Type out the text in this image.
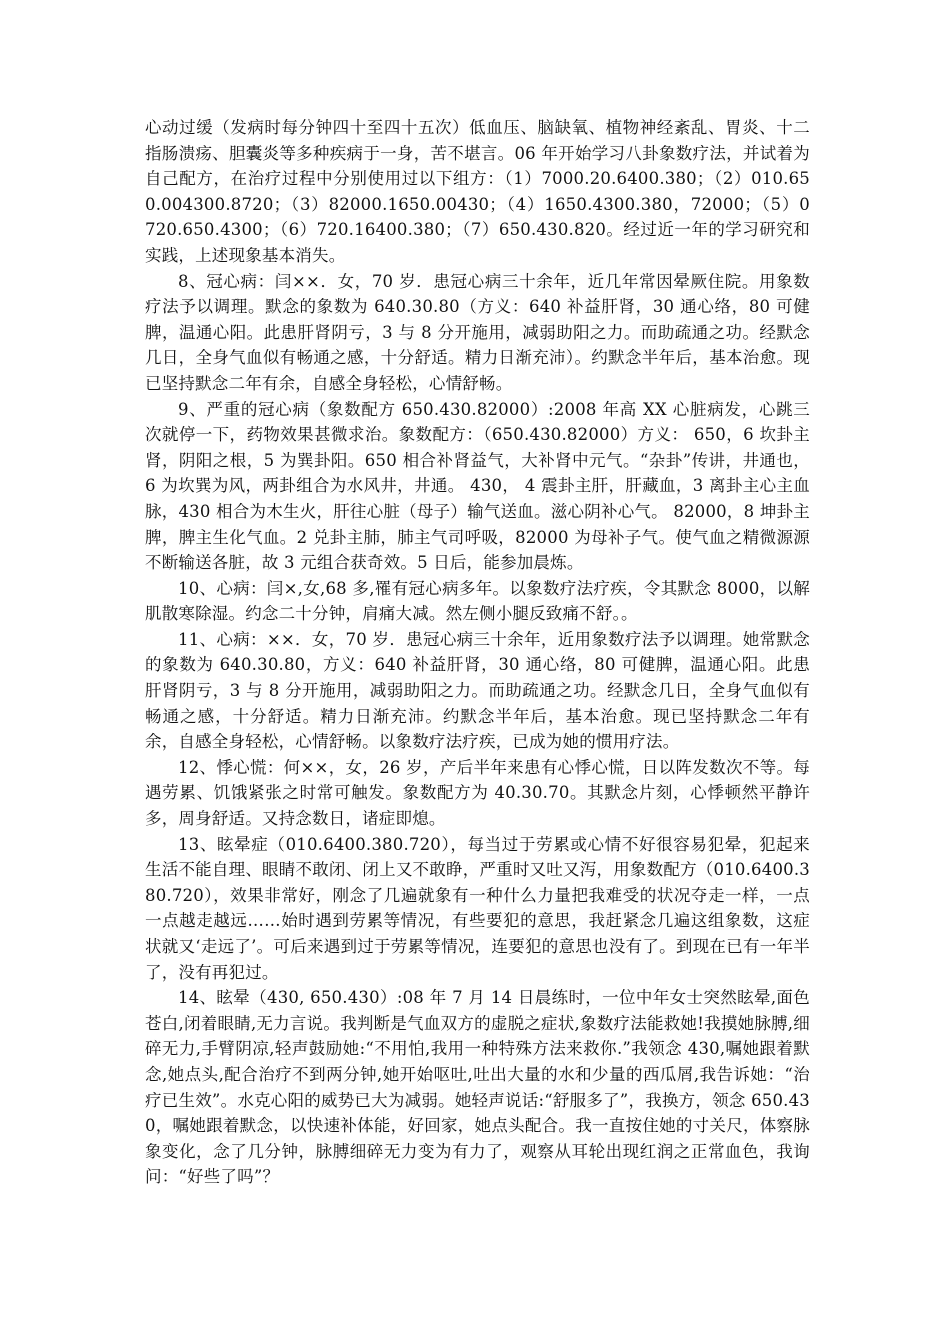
心动过缓（发病时每分钟四十至四十五次）低血压、脑缺氧、植物神经紊乱、胃炎、十二指肠溃疡、胆囊炎等多种疾病于一身，苦不堪言。06 年开始学习八卦象数疗法，并试着为自己配方，在治疗过程中分别使用过以下组方：（1）7000.20.6400.380；（2）010.650.004300.8720；（3）82000.1650.00430；（4）1650.4300.380，72000；（5）0720.650.4300；（6）720.16400.380；（7）650.430.820。经过近一年的学习研究和实践，上述现象基本消失。

8、冠心病：闫××．女，70 岁．患冠心病三十余年，近几年常因晕厥住院。用象数疗法予以调理。默念的象数为 640.30.80（方义：640 补益肝肾，30 通心络，80 可健脾，温通心阳。此患肝肾阴亏，3 与 8 分开施用，减弱助阳之力。而助疏通之功。经默念几日，全身气血似有畅通之感，十分舒适。精力日渐充沛）。约默念半年后，基本治愈。现已坚持默念二年有余，自感全身轻松，心情舒畅。

9、严重的冠心病（象数配方 650.430.82000）:2008 年高 XX 心脏病发，心跳三次就停一下，药物效果甚微求治。象数配方：（650.430.82000）方义： 650，6 坎卦主肾，阴阳之根，5 为巽卦阳。650 相合补肾益气，大补肾中元气。“杂卦”传讲，井通也，6 为坎巽为风，两卦组合为水风井，井通。 430， 4 震卦主肝，肝藏血，3 离卦主心主血脉，430 相合为木生火，肝往心脏（母子）输气送血。滋心阴补心气。 82000，8 坤卦主脾，脾主生化气血。2 兑卦主肺，肺主气司呼吸，82000 为母补子气。使气血之精微源源不断输送各脏，故 3 元组合获奇效。5 日后，能参加晨炼。

10、心病：闫×,女,68 多,罹有冠心病多年。以象数疗法疗疾，令其默念 8000，以解肌散寒除湿。约念二十分钟，肩痛大减。然左侧小腿反致痛不舒。。

11、心病：××．女，70 岁．患冠心病三十余年，近用象数疗法予以调理。她常默念的象数为 640.30.80，方义：640 补益肝肾，30 通心络，80 可健脾，温通心阳。此患肝肾阴亏，3 与 8 分开施用，减弱助阳之力。而助疏通之功。经默念几日，全身气血似有畅通之感，十分舒适。精力日渐充沛。约默念半年后，基本治愈。现已坚持默念二年有余，自感全身轻松，心情舒畅。以象数疗法疗疾，已成为她的惯用疗法。

12、悸心慌：何××，女，26 岁，产后半年来患有心悸心慌，日以阵发数次不等。每遇劳累、饥饿紧张之时常可触发。象数配方为 40.30.70。其默念片刻，心悸顿然平静许多，周身舒适。又持念数日，诸症即熄。

13、眩晕症（010.6400.380.720），每当过于劳累或心情不好很容易犯晕，犯起来生活不能自理、眼睛不敢闭、闭上又不敢睁，严重时又吐又泻，用象数配方（010.6400.380.720），效果非常好，刚念了几遍就象有一种什么力量把我难受的状况夺走一样，一点一点越走越远……始时遇到劳累等情况，有些要犯的意思，我赶紧念几遍这组象数，这症状就又‘走远了’。可后来遇到过于劳累等情况，连要犯的意思也没有了。到现在已有一年半了，没有再犯过。

14、眩晕（430, 650.430）:08 年 7 月 14 日晨练时，一位中年女士突然眩晕,面色苍白,闭着眼睛,无力言说。我判断是气血双方的虚脱之症状,象数疗法能救她!我摸她脉膊,细碎无力,手臂阴凉,轻声鼓励她:“不用怕,我用一种特殊方法来救你.”我领念 430,嘱她跟着默念,她点头,配合治疗不到两分钟,她开始呕吐,吐出大量的水和少量的西瓜屑,我告诉她：“治疗已生效”。水克心阳的威势已大为减弱。她轻声说话:“舒服多了”，我换方，领念 650.430，嘱她跟着默念，以快速补体能，好回家，她点头配合。我一直按住她的寸关尺，体察脉象变化，念了几分钟，脉膊细碎无力变为有力了，观察从耳轮出现红润之正常血色，我询问：“好些了吗”？
